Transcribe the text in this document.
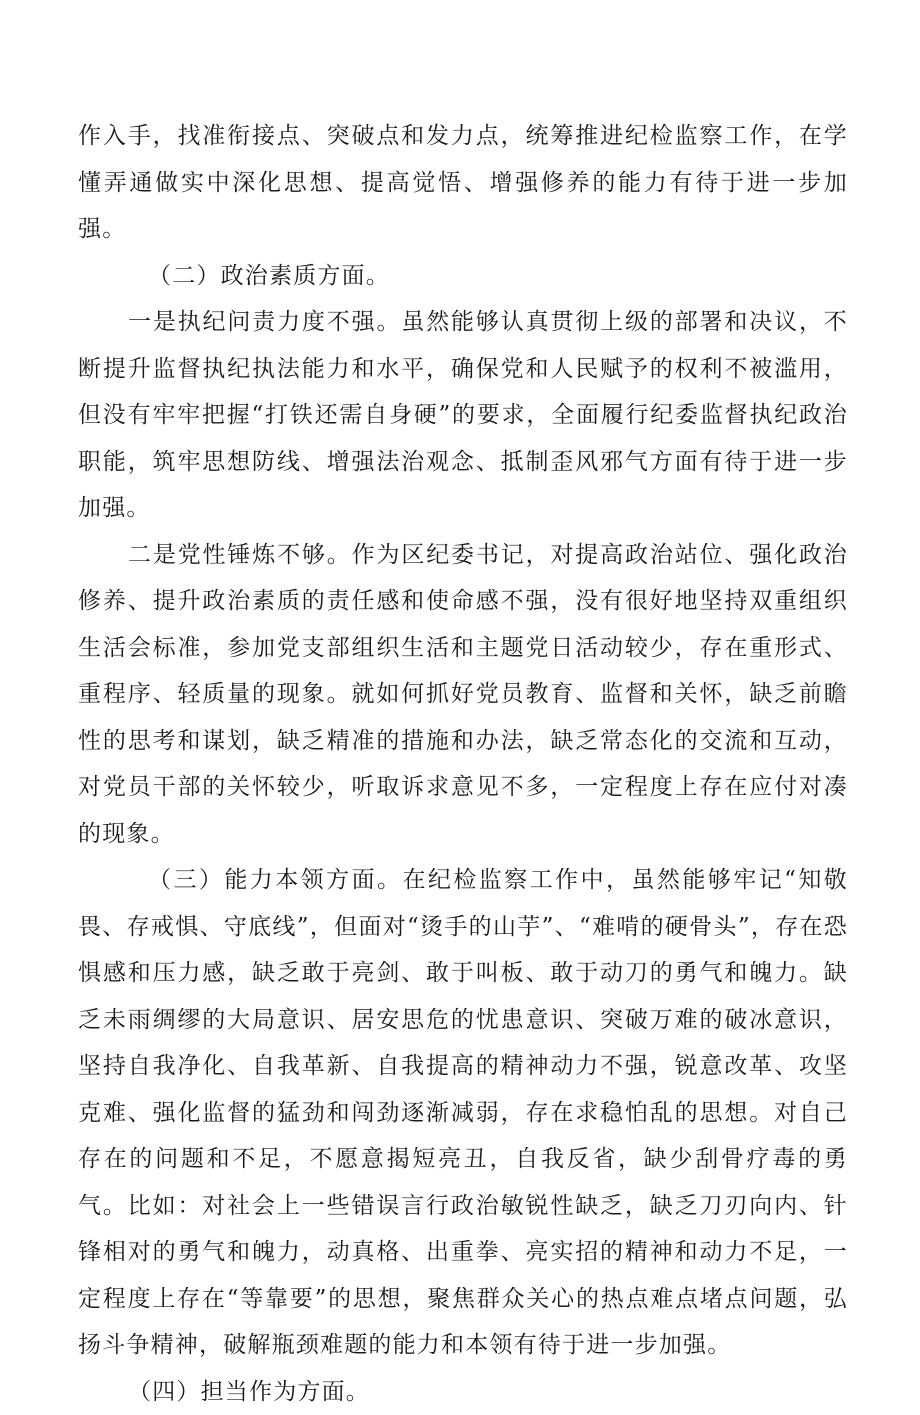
作入手，找准衔接点、突破点和发力点，统筹推进纪检监察工作，在学懂弄通做实中深化思想、提高觉悟、增强修养的能力有待于进一步加强。

（二）政治素质方面。

一是执纪问责力度不强。虽然能够认真贯彻上级的部署和决议，不断提升监督执纪执法能力和水平，确保党和人民赋予的权利不被滥用，但没有牢牢把握“打铁还需自身硬”的要求，全面履行纪委监督执纪政治职能，筑牢思想防线、增强法治观念、抵制歪风邪气方面有待于进一步加强。

二是党性锤炼不够。作为区纪委书记，对提高政治站位、强化政治修养、提升政治素质的责任感和使命感不强，没有很好地坚持双重组织生活会标准，参加党支部组织生活和主题党日活动较少，存在重形式、重程序、轻质量的现象。就如何抓好党员教育、监督和关怀，缺乏前瞻性的思考和谋划，缺乏精准的措施和办法，缺乏常态化的交流和互动，对党员干部的关怀较少，听取诉求意见不多，一定程度上存在应付对凑的现象。

（三）能力本领方面。在纪检监察工作中，虽然能够牢记“知敬畏、存戒惧、守底线”，但面对“烫手的山芋”、“难啃的硬骨头”，存在恐惧感和压力感，缺乏敢于亮剑、敢于叫板、敢于动刀的勇气和魄力。缺乏未雨绸缪的大局意识、居安思危的忧患意识、突破万难的破冰意识，坚持自我净化、自我革新、自我提高的精神动力不强，锐意改革、攻坚克难、强化监督的猛劲和闯劲逐渐减弱，存在求稳怕乱的思想。对自己存在的问题和不足，不愿意揭短亮丑，自我反省，缺少刮骨疗毒的勇气。比如：对社会上一些错误言行政治敏锐性缺乏，缺乏刀刃向内、针锋相对的勇气和魄力，动真格、出重拳、亮实招的精神和动力不足，一定程度上存在“等靠要”的思想，聚焦群众关心的热点难点堵点问题，弘扬斗争精神，破解瓶颈难题的能力和本领有待于进一步加强。

（四）担当作为方面。
